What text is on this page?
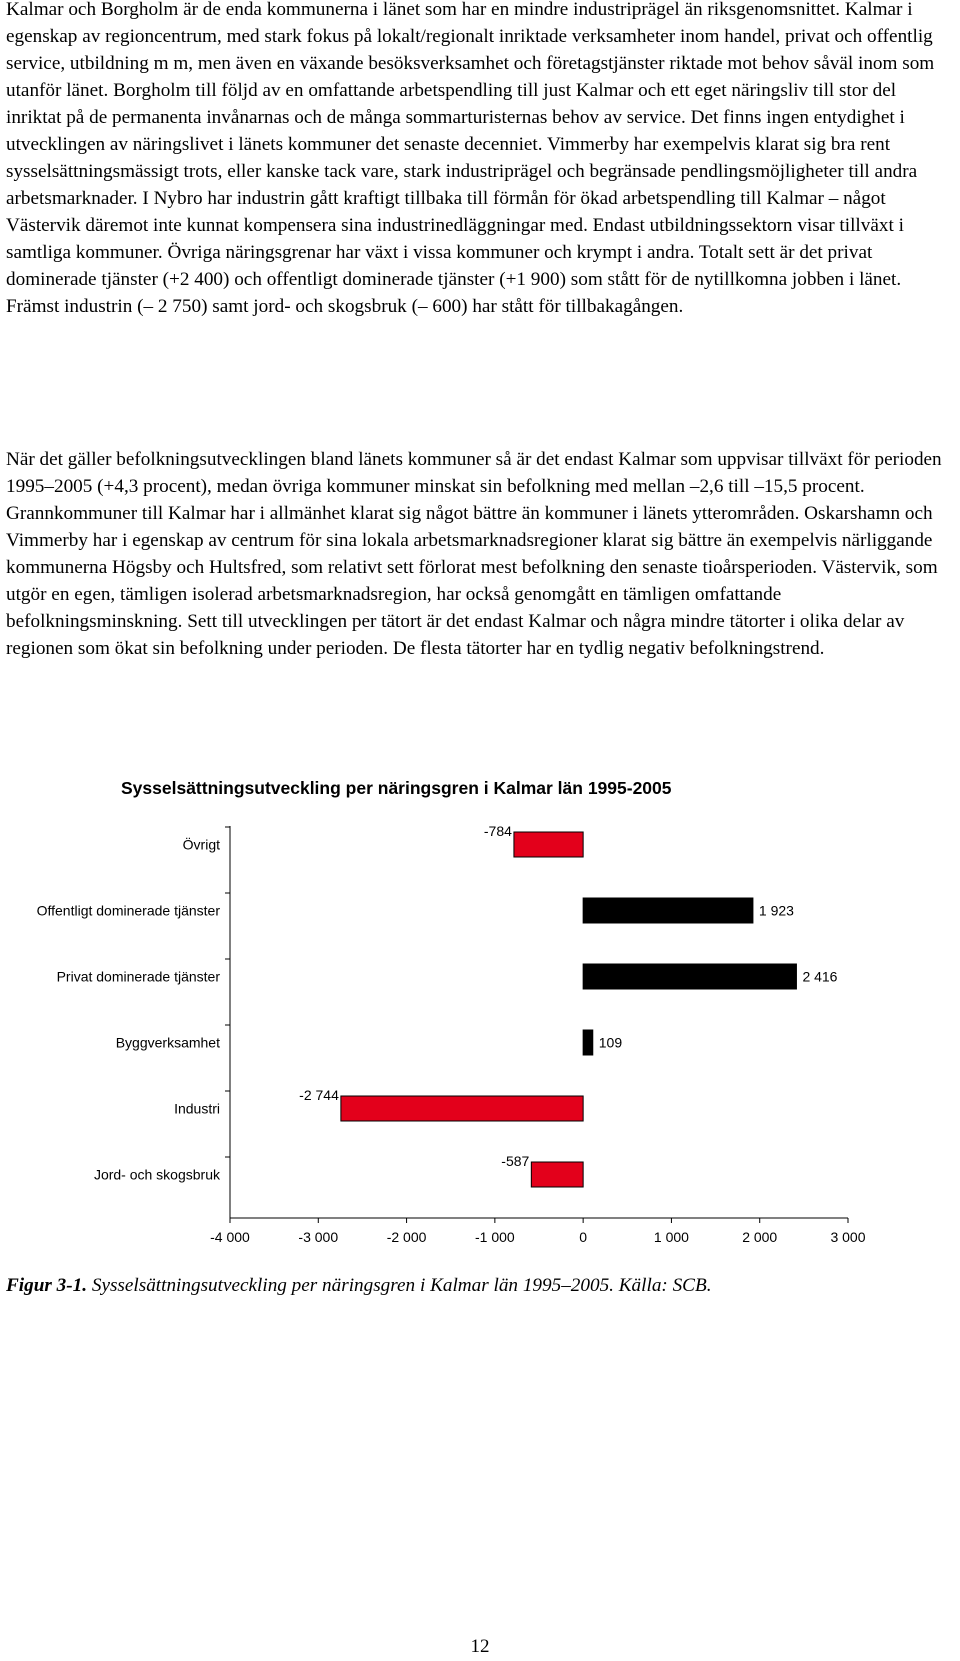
Kalmar och Borgholm är de enda kommunerna i länet som har en mindre industriprägel än riksgenomsnittet. Kalmar i egenskap av regioncentrum, med stark fokus på lokalt/regionalt inriktade verksamheter inom handel, privat och offentlig service, utbildning m m, men även en växande besöksverksamhet och företagstjänster riktade mot behov såväl inom som utanför länet. Borgholm till följd av en omfattande arbetspendling till just Kalmar och ett eget näringsliv till stor del inriktat på de permanenta invånarnas och de många sommarturisternas behov av service. Det finns ingen entydighet i utvecklingen av näringslivet i länets kommuner det senaste decenniet. Vimmerby har exempelvis klarat sig bra rent sysselsättningsmässigt trots, eller kanske tack vare, stark industriprägel och begränsade pendlingsmöjligheter till andra arbetsmarknader. I Nybro har industrin gått kraftigt tillbaka till förmån för ökad arbetspendling till Kalmar – något Västervik däremot inte kunnat kompensera sina industrinedläggningar med. Endast utbildningssektorn visar tillväxt i samtliga kommuner. Övriga näringsgrenar har växt i vissa kommuner och krympt i andra. Totalt sett är det privat dominerade tjänster (+2 400) och offentligt dominerade tjänster (+1 900) som stått för de nytillkomna jobben i länet. Främst industrin (– 2 750) samt jord- och skogsbruk (– 600) har stått för tillbakagången.

När det gäller befolkningsutvecklingen bland länets kommuner så är det endast Kalmar som uppvisar tillväxt för perioden 1995–2005 (+4,3 procent), medan övriga kommuner minskat sin befolkning med mellan –2,6 till –15,5 procent. Grannkommuner till Kalmar har i allmänhet klarat sig något bättre än kommuner i länets ytterområden. Oskarshamn och Vimmerby har i egenskap av centrum för sina lokala arbetsmarknadsregioner klarat sig bättre än exempelvis närliggande kommunerna Högsby och Hultsfred, som relativt sett förlorat mest befolkning den senaste tioårsperioden. Västervik, som utgör en egen, tämligen isolerad arbetsmarknadsregion, har också genomgått en tämligen omfattande befolkningsminskning. Sett till utvecklingen per tätort är det endast Kalmar och några mindre tätorter i olika delar av regionen som ökat sin befolkning under perioden. De flesta tätorter har en tydlig negativ befolkningstrend.

Sysselsättningsutveckling per näringsgren i Kalmar län 1995-2005
-4 000	-3 000	-2 000	-1 000	0	1 000	2 000	3 000
Övrigt
-784
Offentligt dominerade tjänster	1 923
Privat dominerade tjänster	2 416
Byggverksamhet	109
Industri
-2 744
Jord- och skogsbruk
-587
Figur 3-1. Sysselsättningsutveckling per näringsgren i Kalmar län 1995–2005. Källa: SCB.
12
